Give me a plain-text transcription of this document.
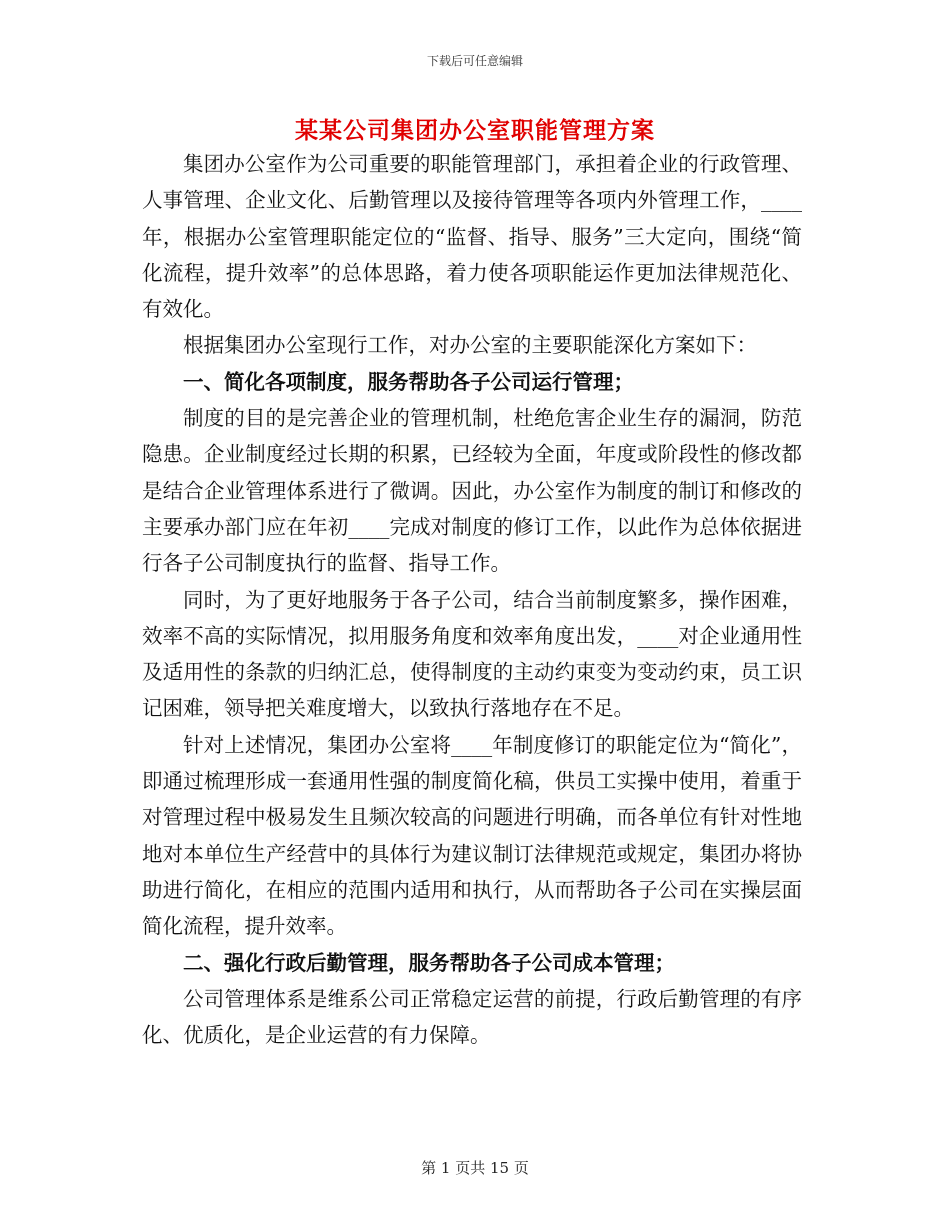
下载后可任意编辑
某某公司集团办公室职能管理方案

集团办公室作为公司重要的职能管理部门，承担着企业的行政管理、人事管理、企业文化、后勤管理以及接待管理等各项内外管理工作，____年，根据办公室管理职能定位的“监督、指导、服务”三大定向，围绕“简化流程，提升效率”的总体思路，着力使各项职能运作更加法律规范化、有效化。

根据集团办公室现行工作，对办公室的主要职能深化方案如下：

一、简化各项制度，服务帮助各子公司运行管理；

制度的目的是完善企业的管理机制，杜绝危害企业生存的漏洞，防范隐患。企业制度经过长期的积累，已经较为全面，年度或阶段性的修改都是结合企业管理体系进行了微调。因此，办公室作为制度的制订和修改的主要承办部门应在年初____完成对制度的修订工作，以此作为总体依据进行各子公司制度执行的监督、指导工作。

同时，为了更好地服务于各子公司，结合当前制度繁多，操作困难，效率不高的实际情况，拟用服务角度和效率角度出发，____对企业通用性及适用性的条款的归纳汇总，使得制度的主动约束变为变动约束，员工识记困难，领导把关难度增大，以致执行落地存在不足。

针对上述情况，集团办公室将____年制度修订的职能定位为“简化”，即通过梳理形成一套通用性强的制度简化稿，供员工实操中使用，着重于对管理过程中极易发生且频次较高的问题进行明确，而各单位有针对性地地对本单位生产经营中的具体行为建议制订法律规范或规定，集团办将协助进行简化，在相应的范围内适用和执行，从而帮助各子公司在实操层面简化流程，提升效率。

二、强化行政后勤管理，服务帮助各子公司成本管理；

公司管理体系是维系公司正常稳定运营的前提，行政后勤管理的有序化、优质化，是企业运营的有力保障。

第 1 页共 15 页
